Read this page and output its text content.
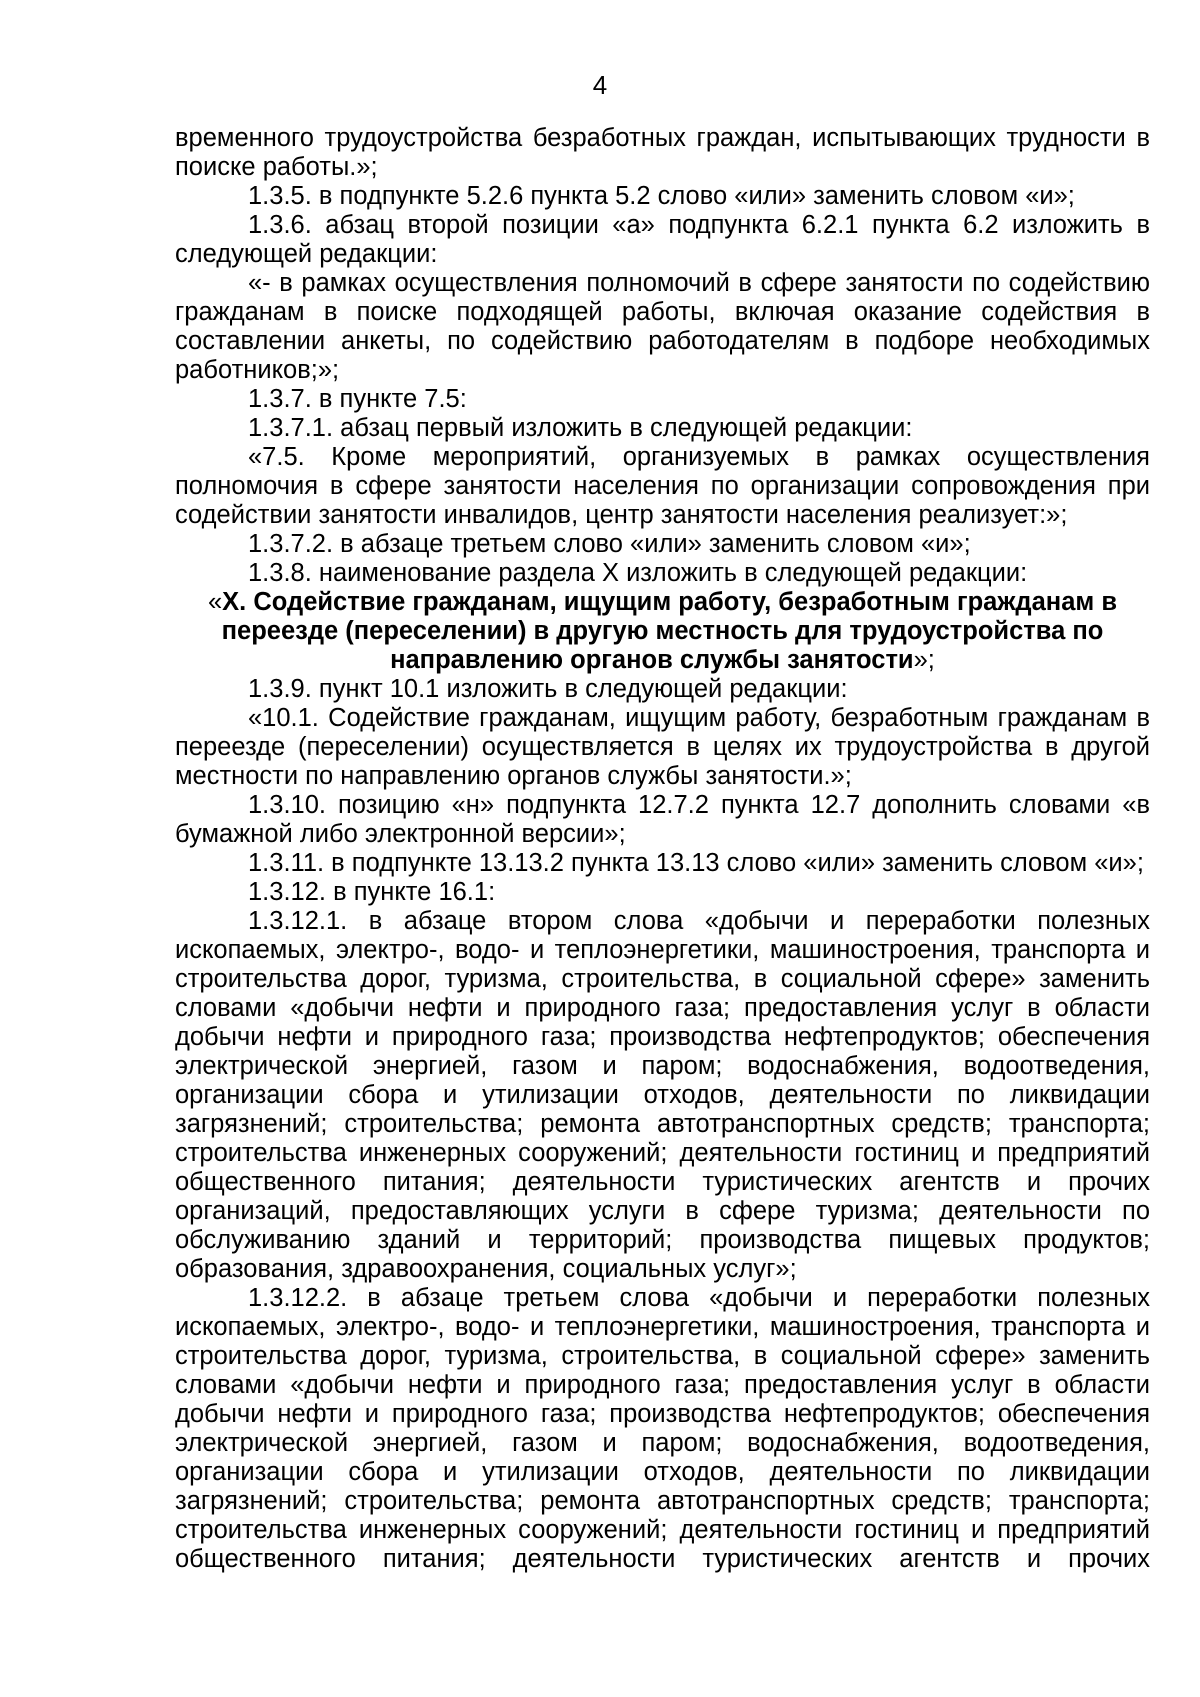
4

временного трудоустройства безработных граждан, испытывающих трудности в поиске работы.»;

1.3.5. в подпункте 5.2.6 пункта 5.2 слово «или» заменить словом «и»;

1.3.6. абзац второй позиции «а» подпункта 6.2.1 пункта 6.2 изложить в следующей редакции:

«- в рамках осуществления полномочий в сфере занятости по содействию гражданам в поиске подходящей работы, включая оказание содействия в составлении анкеты, по содействию работодателям в подборе необходимых работников;»;

1.3.7. в пункте 7.5:

1.3.7.1. абзац первый изложить в следующей редакции:

«7.5. Кроме мероприятий, организуемых в рамках осуществления полномочия в сфере занятости населения по организации сопровождения при содействии занятости инвалидов, центр занятости населения реализует:»;

1.3.7.2. в абзаце третьем слово «или» заменить словом «и»;

1.3.8. наименование раздела X изложить в следующей редакции:

«X. Содействие гражданам, ищущим работу, безработным гражданам в переезде (переселении) в другую местность для трудоустройства по направлению органов службы занятости»;

1.3.9. пункт 10.1 изложить в следующей редакции:

«10.1. Содействие гражданам, ищущим работу, безработным гражданам в переезде (переселении) осуществляется в целях их трудоустройства в другой местности по направлению органов службы занятости.»;

1.3.10. позицию «н» подпункта 12.7.2 пункта 12.7 дополнить словами «в бумажной либо электронной версии»;

1.3.11. в подпункте 13.13.2 пункта 13.13 слово «или» заменить словом «и»;

1.3.12. в пункте 16.1:

1.3.12.1. в абзаце втором слова «добычи и переработки полезных ископаемых, электро-, водо- и теплоэнергетики, машиностроения, транспорта и строительства дорог, туризма, строительства, в социальной сфере» заменить словами «добычи нефти и природного газа; предоставления услуг в области добычи нефти и природного газа; производства нефтепродуктов; обеспечения электрической энергией, газом и паром; водоснабжения, водоотведения, организации сбора и утилизации отходов, деятельности по ликвидации загрязнений; строительства; ремонта автотранспортных средств; транспорта; строительства инженерных сооружений; деятельности гостиниц и предприятий общественного питания; деятельности туристических агентств и прочих организаций, предоставляющих услуги в сфере туризма; деятельности по обслуживанию зданий и территорий; производства пищевых продуктов; образования, здравоохранения, социальных услуг»;

1.3.12.2. в абзаце третьем слова «добычи и переработки полезных ископаемых, электро-, водо- и теплоэнергетики, машиностроения, транспорта и строительства дорог, туризма, строительства, в социальной сфере» заменить словами «добычи нефти и природного газа; предоставления услуг в области добычи нефти и природного газа; производства нефтепродуктов; обеспечения электрической энергией, газом и паром; водоснабжения, водоотведения, организации сбора и утилизации отходов, деятельности по ликвидации загрязнений; строительства; ремонта автотранспортных средств; транспорта; строительства инженерных сооружений; деятельности гостиниц и предприятий общественного питания; деятельности туристических агентств и прочих
